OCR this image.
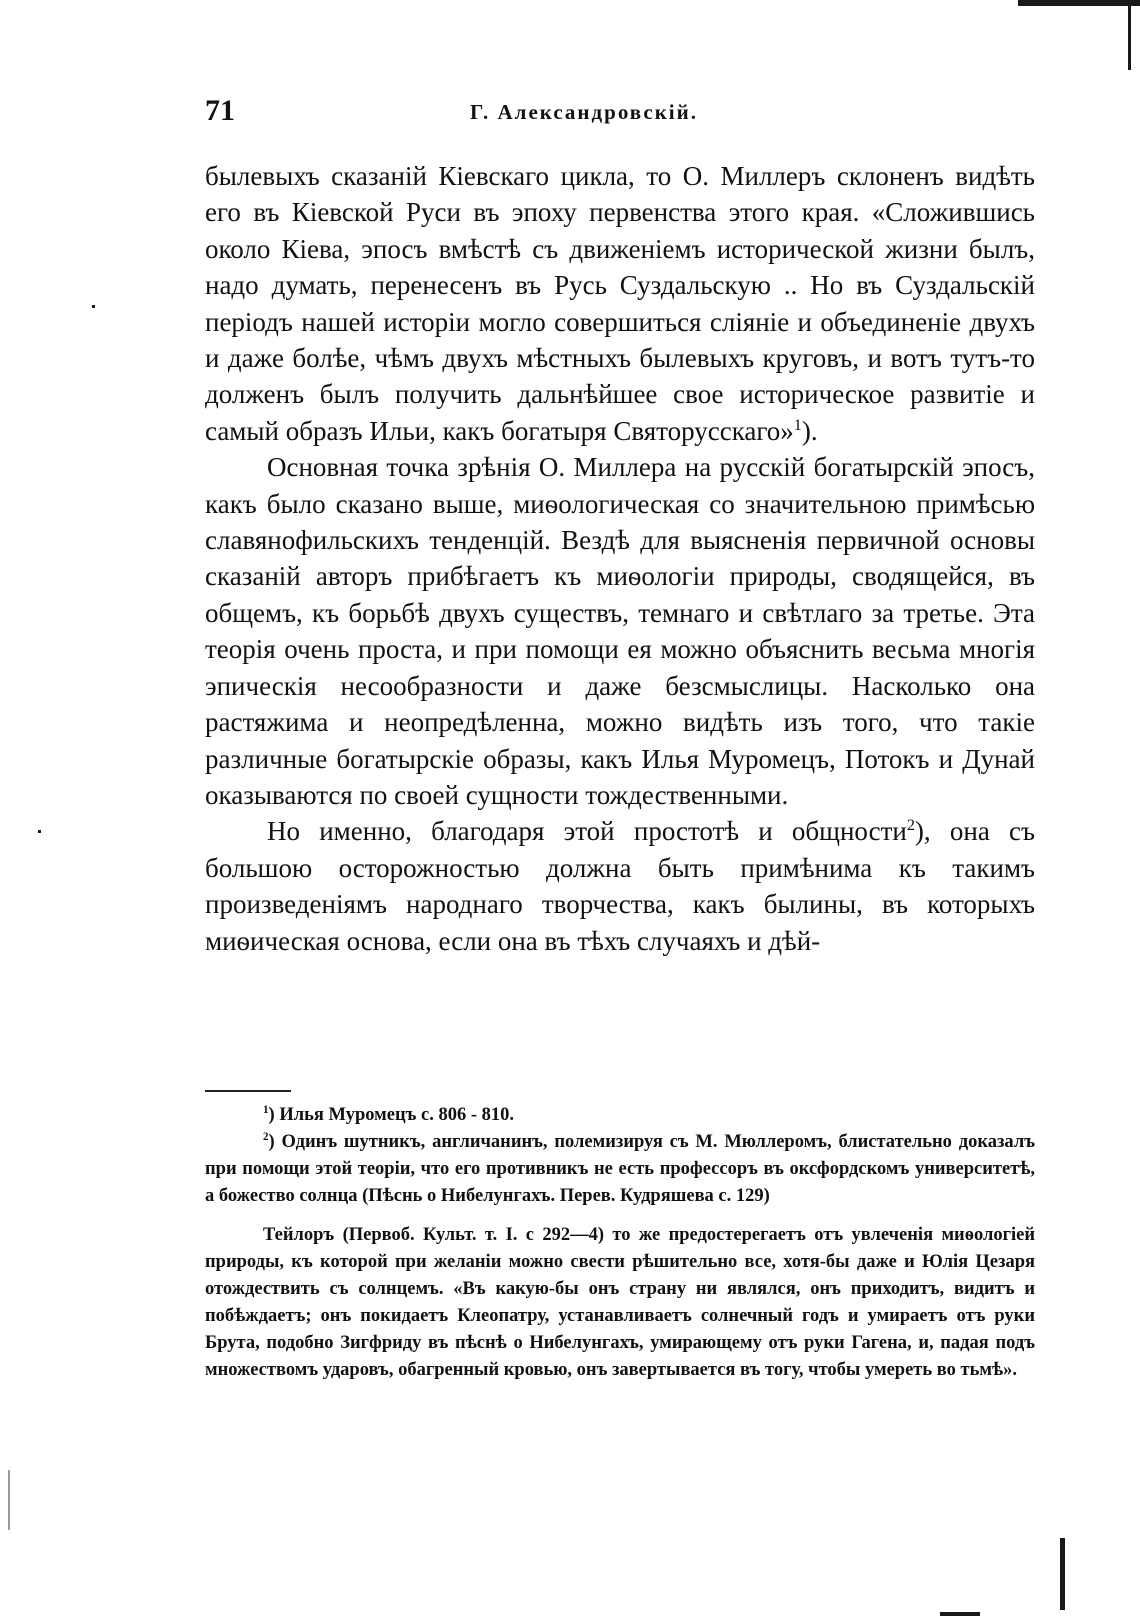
71	Г. Александровскій.

былевыхъ сказаній Кіевскаго цикла, то О. Миллеръ склоненъ видѣть его въ Кіевской Руси въ эпоху первенства этого края. «Сложившись около Кіева, эпосъ вмѣстѣ съ движеніемъ исторической жизни былъ, надо думать, перенесенъ въ Русь Суздальскую .. Но въ Суздальскій періодъ нашей исторіи могло совершиться сліяніе и объединеніе двухъ и даже болѣе, чѣмъ двухъ мѣстныхъ былевыхъ круговъ, и вотъ тутъ-то долженъ былъ получить дальнѣйшее свое историческое развитіе и самый образъ Ильи, какъ богатыря Святорусскаго»$^1$).

Основная точка зрѣнія О. Миллера на русскій богатырскій эпосъ, какъ было сказано выше, миѳологическая со значительною примѣсью славянофильскихъ тенденцій. Вездѣ для выясненія первичной основы сказаній авторъ прибѣгаетъ къ миѳологіи природы, сводящейся, въ общемъ, къ борьбѣ двухъ существъ, темнаго и свѣтлаго за третье. Эта теорія очень проста, и при помощи ея можно объяснить весьма многія эпическія несообразности и даже безсмыслицы. Насколько она растяжима и неопредѣленна, можно видѣть изъ того, что такіе различные богатырскіе образы, какъ Илья Муромецъ, Потокъ и Дунай оказываются по своей сущности тождественными.

Но именно, благодаря этой простотѣ и общности$^2$), она съ большою осторожностью должна быть примѣнима къ такимъ произведеніямъ народнаго творчества, какъ былины, въ которыхъ миѳическая основа, если она въ тѣхъ случаяхъ и дѣй-

$^1$) Илья Муромецъ с. 806 - 810.

$^2$) Одинъ шутникъ, англичанинъ, полемизируя съ М. Мюллеромъ, блистательно доказалъ при помощи этой теоріи, что его противникъ не есть профессоръ въ оксфордскомъ университетѣ, а божество солнца (Пѣснь о Нибелунгахъ. Перев. Кудряшева с. 129)

Тейлоръ (Первоб. Культ. т. I. с 292—4) то же предостерегаетъ отъ увлеченія миѳологіей природы, къ которой при желаніи можно свести рѣшительно все, хотя-бы даже и Юлія Цезаря отождествить съ солнцемъ. «Въ какую-бы онъ страну ни являлся, онъ приходитъ, видитъ и побѣждаетъ; онъ покидаетъ Клеопатру, устанавливаетъ солнечный годъ и умираетъ отъ руки Брута, подобно Зигфриду въ пѣснѣ о Нибелунгахъ, умирающему отъ руки Гагена, и, падая подъ множествомъ ударовъ, обагренный кровью, онъ завертывается въ тогу, чтобы умереть во тьмѣ».
